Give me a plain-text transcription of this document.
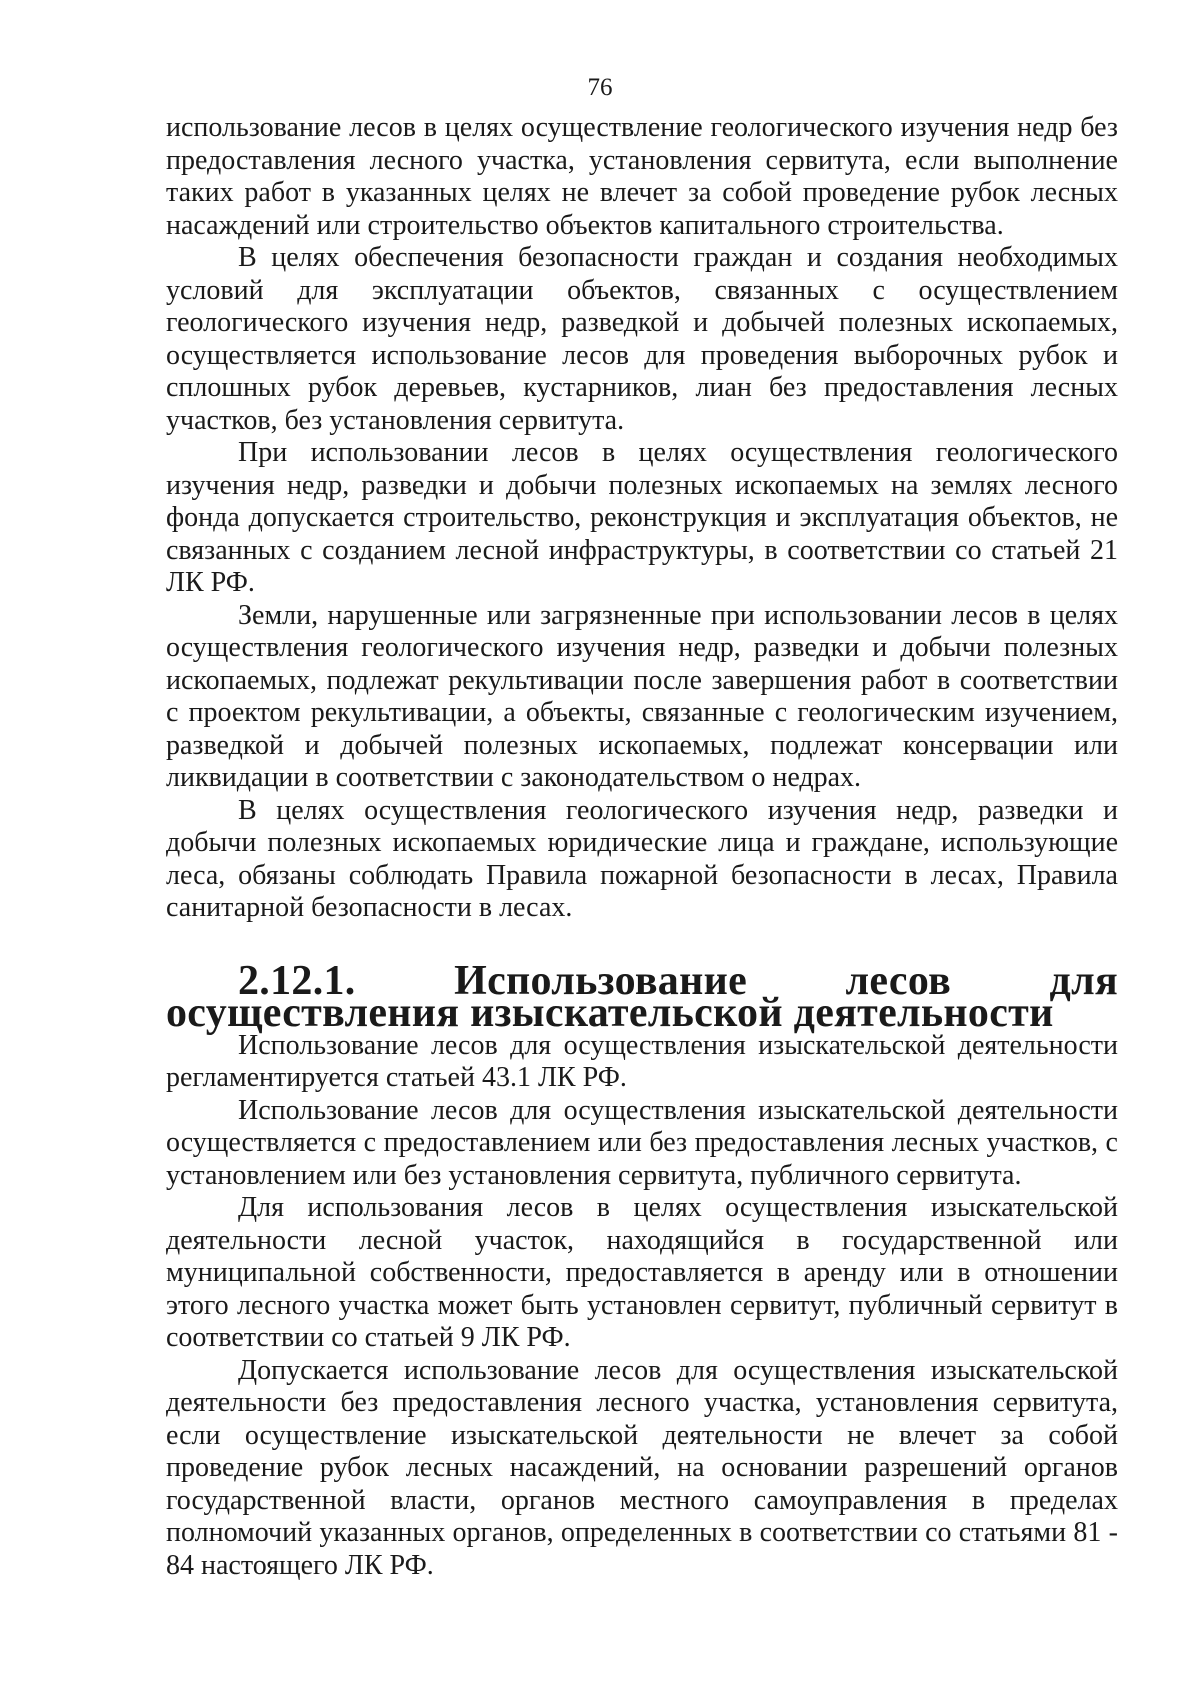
76

использование лесов в целях осуществление геологического изучения недр без предоставления лесного участка, установления сервитута, если выполнение таких работ в указанных целях не влечет за собой проведение рубок лесных насаждений или строительство объектов капитального строительства.

В целях обеспечения безопасности граждан и создания необходимых условий для эксплуатации объектов, связанных с осуществлением геологического изучения недр, разведкой и добычей полезных ископаемых, осуществляется использование лесов для проведения выборочных рубок и сплошных рубок деревьев, кустарников, лиан без предоставления лесных участков, без установления сервитута.

При использовании лесов в целях осуществления геологического изучения недр, разведки и добычи полезных ископаемых на землях лесного фонда допускается строительство, реконструкция и эксплуатация объектов, не связанных с созданием лесной инфраструктуры, в соответствии со статьей 21 ЛК РФ.

Земли, нарушенные или загрязненные при использовании лесов в целях осуществления геологического изучения недр, разведки и добычи полезных ископаемых, подлежат рекультивации после завершения работ в соответствии с проектом рекультивации, а объекты, связанные с геологическим изучением, разведкой и добычей полезных ископаемых, подлежат консервации или ликвидации в соответствии с законодательством о недрах.

В целях осуществления геологического изучения недр, разведки и добычи полезных ископаемых юридические лица и граждане, использующие леса, обязаны соблюдать Правила пожарной безопасности в лесах, Правила санитарной безопасности в лесах.

2.12.1. Использование лесов для осуществления изыскательской деятельности

Использование лесов для осуществления изыскательской деятельности регламентируется статьей 43.1 ЛК РФ.

Использование лесов для осуществления изыскательской деятельности осуществляется с предоставлением или без предоставления лесных участков, с установлением или без установления сервитута, публичного сервитута.

Для использования лесов в целях осуществления изыскательской деятельности лесной участок, находящийся в государственной или муниципальной собственности, предоставляется в аренду или в отношении этого лесного участка может быть установлен сервитут, публичный сервитут в соответствии со статьей 9 ЛК РФ.

Допускается использование лесов для осуществления изыскательской деятельности без предоставления лесного участка, установления сервитута, если осуществление изыскательской деятельности не влечет за собой проведение рубок лесных насаждений, на основании разрешений органов государственной власти, органов местного самоуправления в пределах полномочий указанных органов, определенных в соответствии со статьями 81 - 84 настоящего ЛК РФ.
